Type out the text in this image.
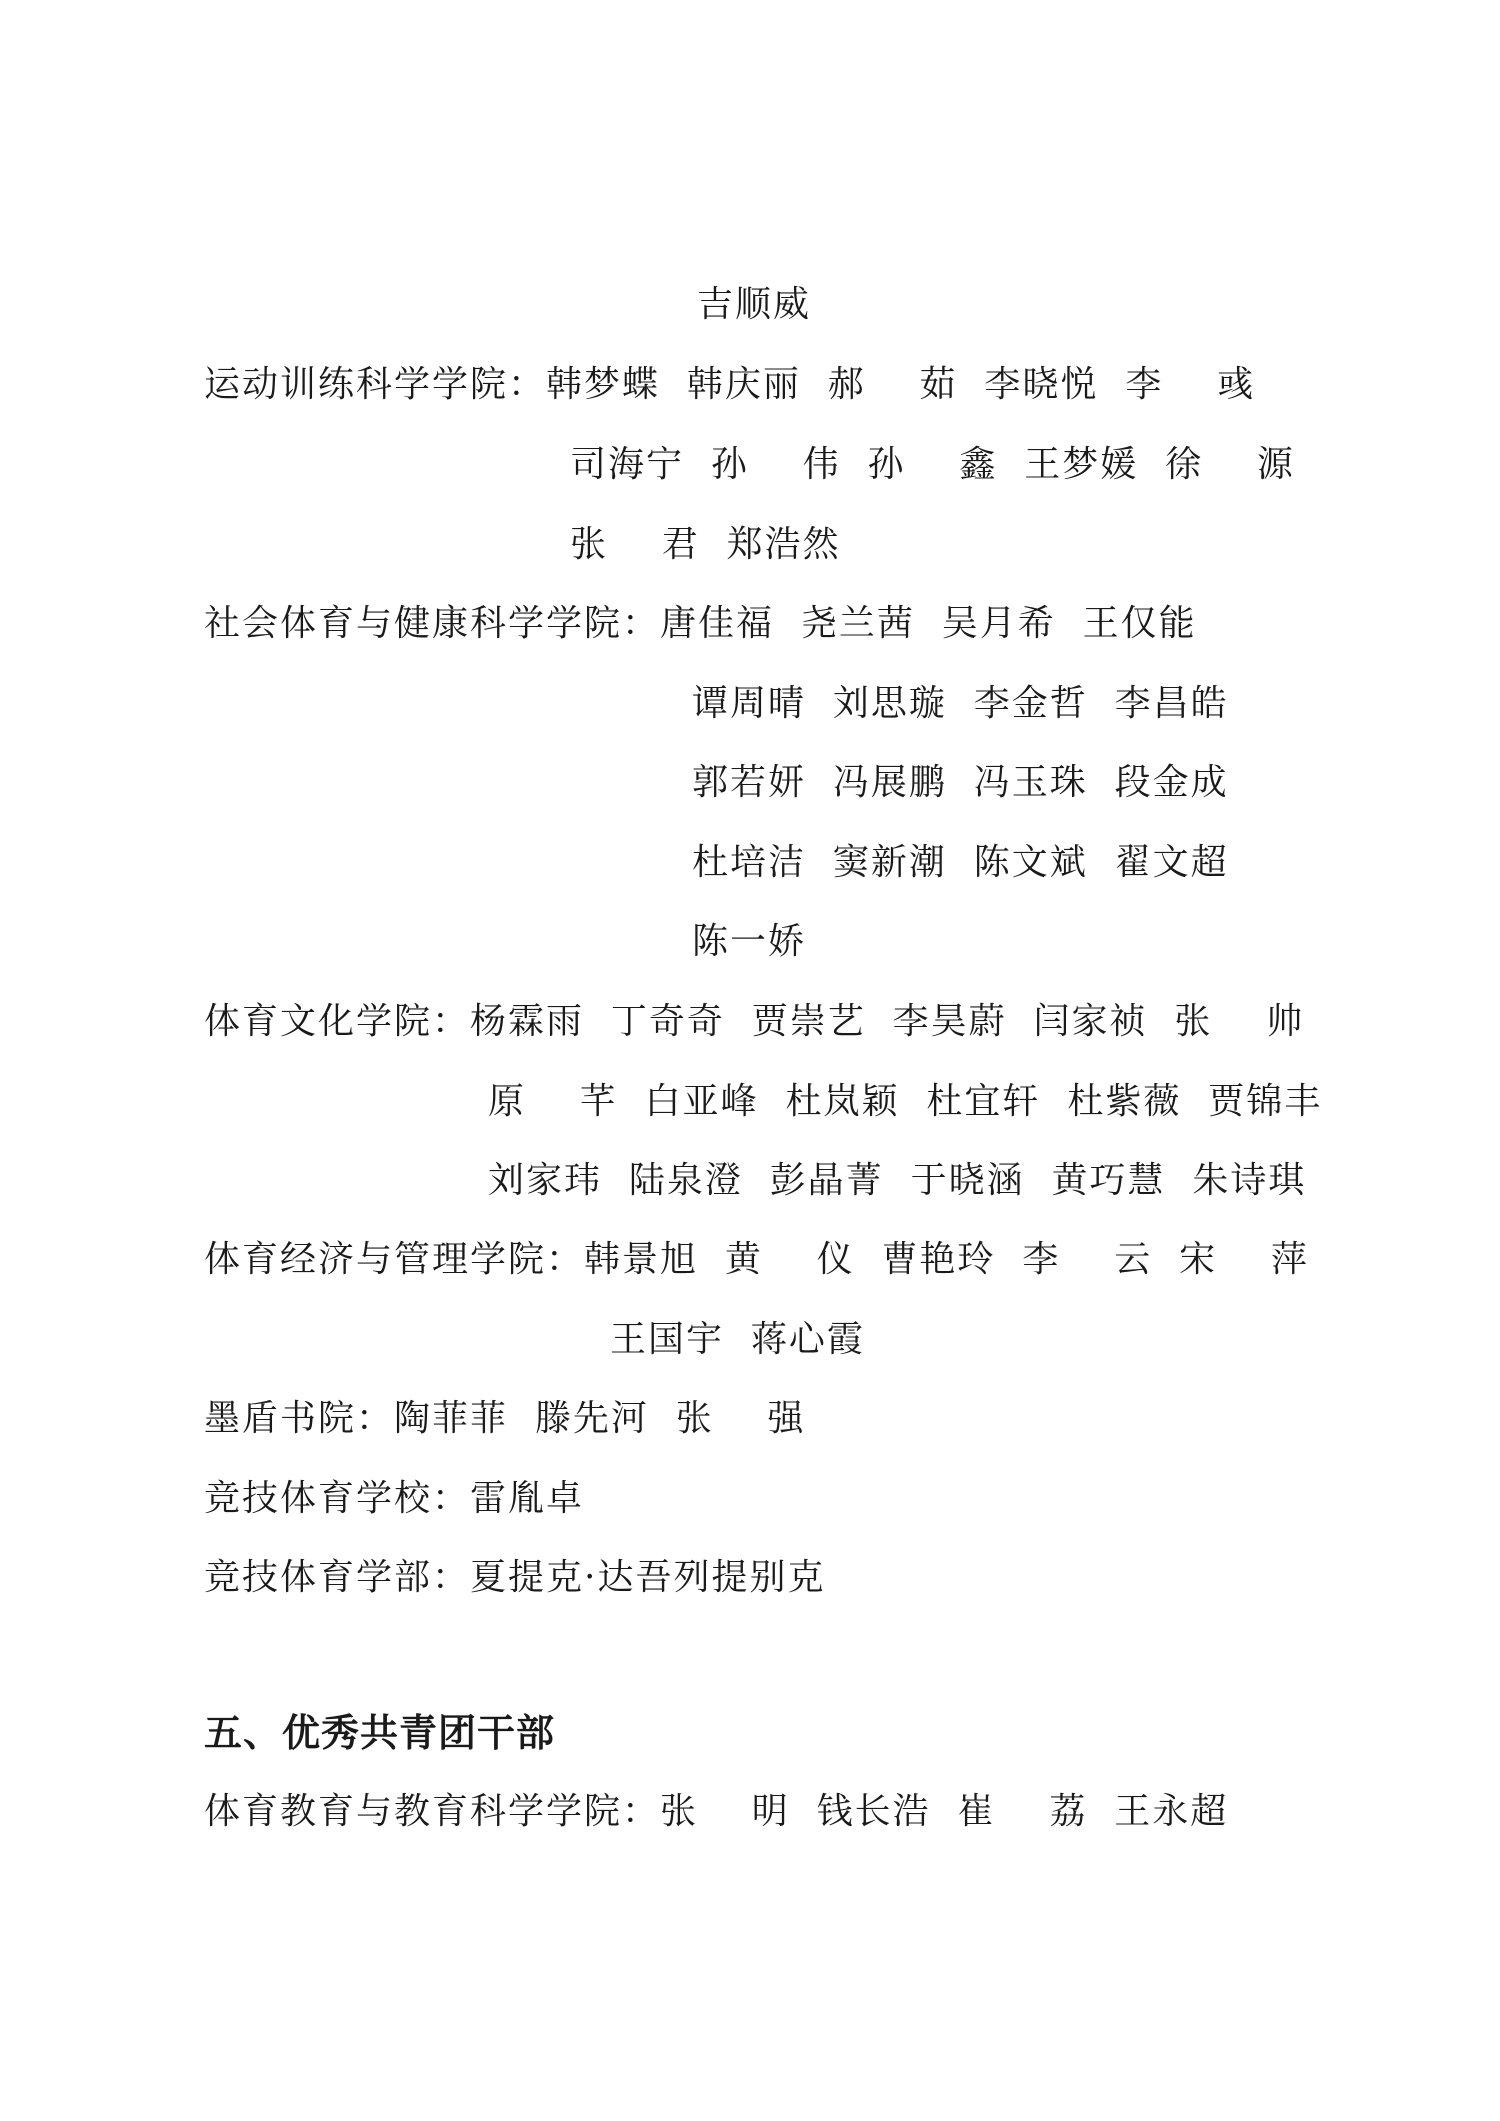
吉顺威
运动训练科学学院：韩梦蝶  韩庆丽  郝    茹  李晓悦  李    彧
司海宁  孙    伟  孙    鑫  王梦媛  徐    源
张    君  郑浩然
社会体育与健康科学学院：唐佳福  尧兰茜  吴月希  王仅能
谭周晴  刘思璇  李金哲  李昌皓
郭若妍  冯展鹏  冯玉珠  段金成
杜培洁  窦新潮  陈文斌  翟文超
陈一娇
体育文化学院：杨霖雨  丁奇奇  贾崇艺  李昊蔚  闫家祯  张    帅
原    芊  白亚峰  杜岚颖  杜宜轩  杜紫薇  贾锦丰
刘家玮  陆泉澄  彭晶菁  于晓涵  黄巧慧  朱诗琪
体育经济与管理学院：韩景旭  黄    仪  曹艳玲  李    云  宋    萍
王国宇  蒋心霞
墨盾书院：陶菲菲  滕先河  张    强
竞技体育学校：雷胤卓
竞技体育学部：夏提克·达吾列提别克
五、优秀共青团干部
体育教育与教育科学学院：张    明  钱长浩  崔    荔  王永超
